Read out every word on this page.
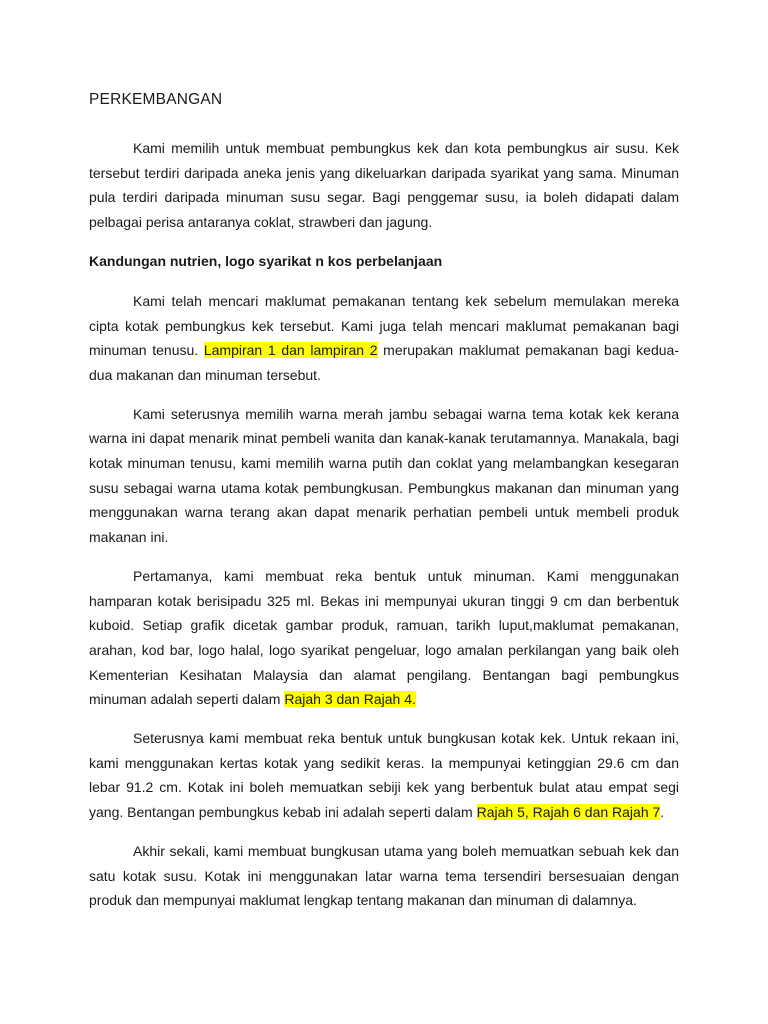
PERKEMBANGAN

Kami memilih untuk membuat pembungkus kek dan kota pembungkus air susu. Kek tersebut terdiri daripada aneka jenis yang dikeluarkan daripada syarikat yang sama. Minuman pula terdiri daripada minuman susu segar. Bagi penggemar susu, ia boleh didapati dalam pelbagai perisa antaranya coklat, strawberi dan jagung.

Kandungan nutrien, logo syarikat n kos perbelanjaan

Kami telah mencari maklumat pemakanan tentang kek sebelum memulakan mereka cipta kotak pembungkus kek tersebut. Kami juga telah mencari maklumat pemakanan bagi minuman tenusu. Lampiran 1 dan lampiran 2 merupakan maklumat pemakanan bagi kedua-dua makanan dan minuman tersebut.

Kami seterusnya memilih warna merah jambu sebagai warna tema kotak kek kerana warna ini dapat menarik minat pembeli wanita dan kanak-kanak terutamannya. Manakala, bagi kotak minuman tenusu, kami memilih warna putih dan coklat yang melambangkan kesegaran susu sebagai warna utama kotak pembungkusan. Pembungkus makanan dan minuman yang menggunakan warna terang akan dapat menarik perhatian pembeli untuk membeli produk makanan ini.

Pertamanya, kami membuat reka bentuk untuk minuman. Kami menggunakan hamparan kotak berisipadu 325 ml. Bekas ini mempunyai ukuran tinggi 9 cm dan berbentuk kuboid. Setiap grafik dicetak gambar produk, ramuan, tarikh luput,maklumat pemakanan, arahan, kod bar, logo halal, logo syarikat pengeluar, logo amalan perkilangan yang baik oleh Kementerian Kesihatan Malaysia dan alamat pengilang. Bentangan bagi pembungkus minuman adalah seperti dalam Rajah 3 dan Rajah 4.

Seterusnya kami membuat reka bentuk untuk bungkusan kotak kek. Untuk rekaan ini, kami menggunakan kertas kotak yang sedikit keras. Ia mempunyai ketinggian 29.6 cm dan lebar 91.2 cm. Kotak ini boleh memuatkan sebiji kek yang berbentuk bulat atau empat segi yang. Bentangan pembungkus kebab ini adalah seperti dalam Rajah 5, Rajah 6 dan Rajah 7.

Akhir sekali, kami membuat bungkusan utama yang boleh memuatkan sebuah kek dan satu kotak susu. Kotak ini menggunakan latar warna tema tersendiri bersesuaian dengan produk dan mempunyai maklumat lengkap tentang makanan dan minuman di dalamnya.
